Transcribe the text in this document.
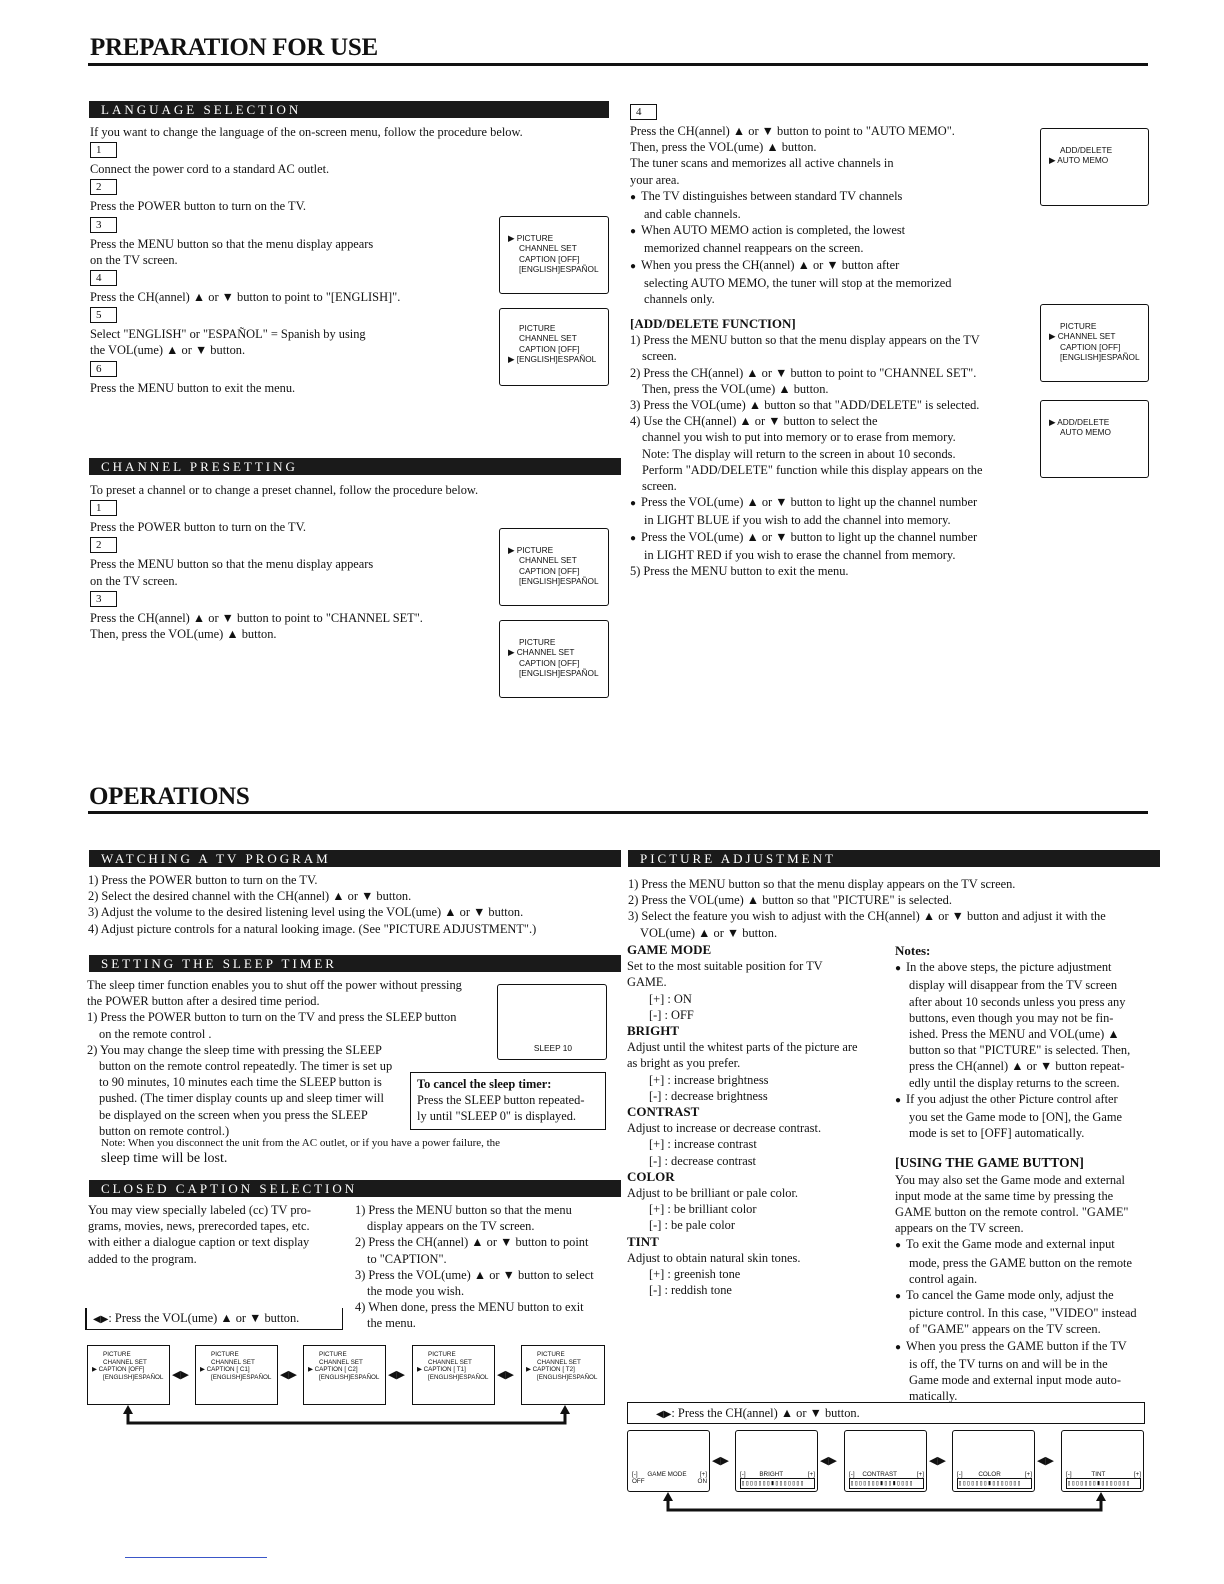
PREPARATION FOR USE
LANGUAGE SELECTION

If you want to change the language of the on-screen menu, follow the procedure below.

1

Connect the power cord to a standard AC outlet.

2

Press the POWER button to turn on the TV.

3

Press the MENU button so that the menu display appears

on the TV screen.

4

Press the CH(annel) ▲ or ▼ button to point to "[ENGLISH]".

5

Select "ENGLISH" or "ESPAÑOL" = Spanish by using

the VOL(ume) ▲ or ▼ button.

6

Press the MENU button to exit the menu.

▶ PICTURE
CHANNEL SET
CAPTION [OFF]
[ENGLISH]ESPAÑOL
PICTURE
CHANNEL SET
CAPTION [OFF]
▶ [ENGLISH]ESPAÑOL
CHANNEL PRESETTING

To preset a channel or to change a preset channel, follow the procedure below.

1

Press the POWER button to turn on the TV.

2

Press the MENU button so that the menu display appears

on the TV screen.

3

Press the CH(annel) ▲ or ▼ button to point to "CHANNEL SET".

Then, press the VOL(ume) ▲ button.

▶ PICTURE
CHANNEL SET
CAPTION [OFF]
[ENGLISH]ESPAÑOL
PICTURE
▶ CHANNEL SET
CAPTION [OFF]
[ENGLISH]ESPAÑOL
4

Press the CH(annel) ▲ or ▼ button to point to "AUTO MEMO".

Then, press the VOL(ume) ▲ button.

The tuner scans and memorizes all active channels in

your area.

● The TV distinguishes between standard TV channels

and cable channels.

● When AUTO MEMO action is completed, the lowest

memorized channel reappears on the screen.

● When you press the CH(annel) ▲ or ▼ button after

selecting AUTO MEMO, the tuner will stop at the memorized

channels only.

[ADD/DELETE FUNCTION]

1) Press the MENU button so that the menu display appears on the TV

screen.

2) Press the CH(annel) ▲ or ▼ button to point to "CHANNEL SET".

Then, press the VOL(ume) ▲ button.

3) Press the VOL(ume) ▲ button so that "ADD/DELETE" is selected.

4) Use the CH(annel) ▲ or ▼ button to select the

channel you wish to put into memory or to erase from memory.

Note: The display will return to the screen in about 10 seconds.

Perform "ADD/DELETE" function while this display appears on the

screen.

● Press the VOL(ume) ▲ or ▼ button to light up the channel number

in LIGHT BLUE if you wish to add the channel into memory.

● Press the VOL(ume) ▲ or ▼ button to light up the channel number

in LIGHT RED if you wish to erase the channel from memory.

5) Press the MENU button to exit the menu.

ADD/DELETE
▶ AUTO MEMO
PICTURE
▶ CHANNEL SET
CAPTION [OFF]
[ENGLISH]ESPAÑOL
▶ ADD/DELETE
AUTO MEMO
OPERATIONS
WATCHING A TV PROGRAM

1) Press the POWER button to turn on the TV.

2) Select the desired channel with the CH(annel) ▲ or ▼ button.

3) Adjust the volume to the desired listening level using the VOL(ume) ▲ or ▼ button.

4) Adjust picture controls for a natural looking image. (See "PICTURE ADJUSTMENT".)

SETTING THE SLEEP TIMER

The sleep timer function enables you to shut off the power without pressing

the POWER button after a desired time period.

1) Press the POWER button to turn on the TV and press the SLEEP button

on the remote control .

2) You may change the sleep time with pressing the SLEEP

button on the remote control repeatedly. The timer is set up

to 90 minutes, 10 minutes each time the SLEEP button is

pushed. (The timer display counts up and sleep timer will

be displayed on the screen when you press the SLEEP

button on remote control.)

SLEEP 10

To cancel the sleep timer:

Press the SLEEP button repeated-

ly until "SLEEP 0" is displayed.

Note: When you disconnect the unit from the AC outlet, or if you have a power failure, the
sleep time will be lost.
CLOSED CAPTION SELECTION

You may view specially labeled (cc) TV pro-

grams, movies, news, prerecorded tapes, etc.

with either a dialogue caption or text display

added to the program.

1) Press the MENU button so that the menu

display appears on the TV screen.

2) Press the CH(annel) ▲ or ▼ button to point

to "CAPTION".

3) Press the VOL(ume) ▲ or ▼ button to select

the mode you wish.

4) When done, press the MENU button to exit

the menu.

◀▶: Press the VOL(ume) ▲ or ▼ button.
PICTURE
CHANNEL SET
▶ CAPTION [OFF]
[ENGLISH]ESPAÑOL ◀▶
PICTURE
CHANNEL SET
▶ CAPTION [ C1]
[ENGLISH]ESPAÑOL ◀▶
PICTURE
CHANNEL SET
▶ CAPTION [ C2]
[ENGLISH]ESPAÑOL ◀▶
PICTURE
CHANNEL SET
▶ CAPTION [ T1]
[ENGLISH]ESPAÑOL ◀▶
PICTURE
CHANNEL SET
▶ CAPTION [ T2]
[ENGLISH]ESPAÑOL
PICTURE ADJUSTMENT

1) Press the MENU button so that the menu display appears on the TV screen.

2) Press the VOL(ume) ▲ button so that "PICTURE" is selected.

3) Select the feature you wish to adjust with the CH(annel) ▲ or ▼ button and adjust it with the

VOL(ume) ▲ or ▼ button.

GAME MODE

Set to the most suitable position for TV

GAME.

[+] : ON

[-] : OFF

BRIGHT

Adjust until the whitest parts of the picture are

as bright as you prefer.

[+] : increase brightness

[-] : decrease brightness

CONTRAST

Adjust to increase or decrease contrast.

[+] : increase contrast

[-] : decrease contrast

COLOR

Adjust to be brilliant or pale color.

[+] : be brilliant color

[-] : be pale color

TINT

Adjust to obtain natural skin tones.

[+] : greenish tone

[-] : reddish tone

Notes:

● In the above steps, the picture adjustment

display will disappear from the TV screen

after about 10 seconds unless you press any

buttons, even though you may not be fin-

ished. Press the MENU and VOL(ume) ▲

button so that "PICTURE" is selected. Then,

press the CH(annel) ▲ or ▼ button repeat-

edly until the display returns to the screen.

● If you adjust the other Picture control after

you set the Game mode to [ON], the Game

mode is set to [OFF] automatically.

[USING THE GAME BUTTON]

You may also set the Game mode and external

input mode at the same time by pressing the

GAME button on the remote control. "GAME"

appears on the TV screen.

● To exit the Game mode and external input

mode, press the GAME button on the remote

control again.

● To cancel the Game mode only, adjust the

picture control. In this case, "VIDEO" instead

of "GAME" appears on the TV screen.

● When you press the GAME button if the TV

is off, the TV turns on and will be in the

Game mode and external input mode auto-

matically.

◀▶: Press the CH(annel) ▲ or ▼ button.
[-] GAME MODE [+]
OFF	ON
◀▶
[-] BRIGHT	[+]
▯▯▯▯▯▯▯▮▯▯▯▯▯▯▯
◀▶
[-] CONTRAST	[+]
▯▯▯▯▯▯▯▮▯▯▮▯▯▯▯
◀▶
[-]	COLOR	[+]
▯▯▯▯▯▯▯▮▯▯▯▯▯▯▯
◀▶
[-]	TINT	[+]
▯▯▯▯▯▯▯▮▯▯▯▯▯▯▯
